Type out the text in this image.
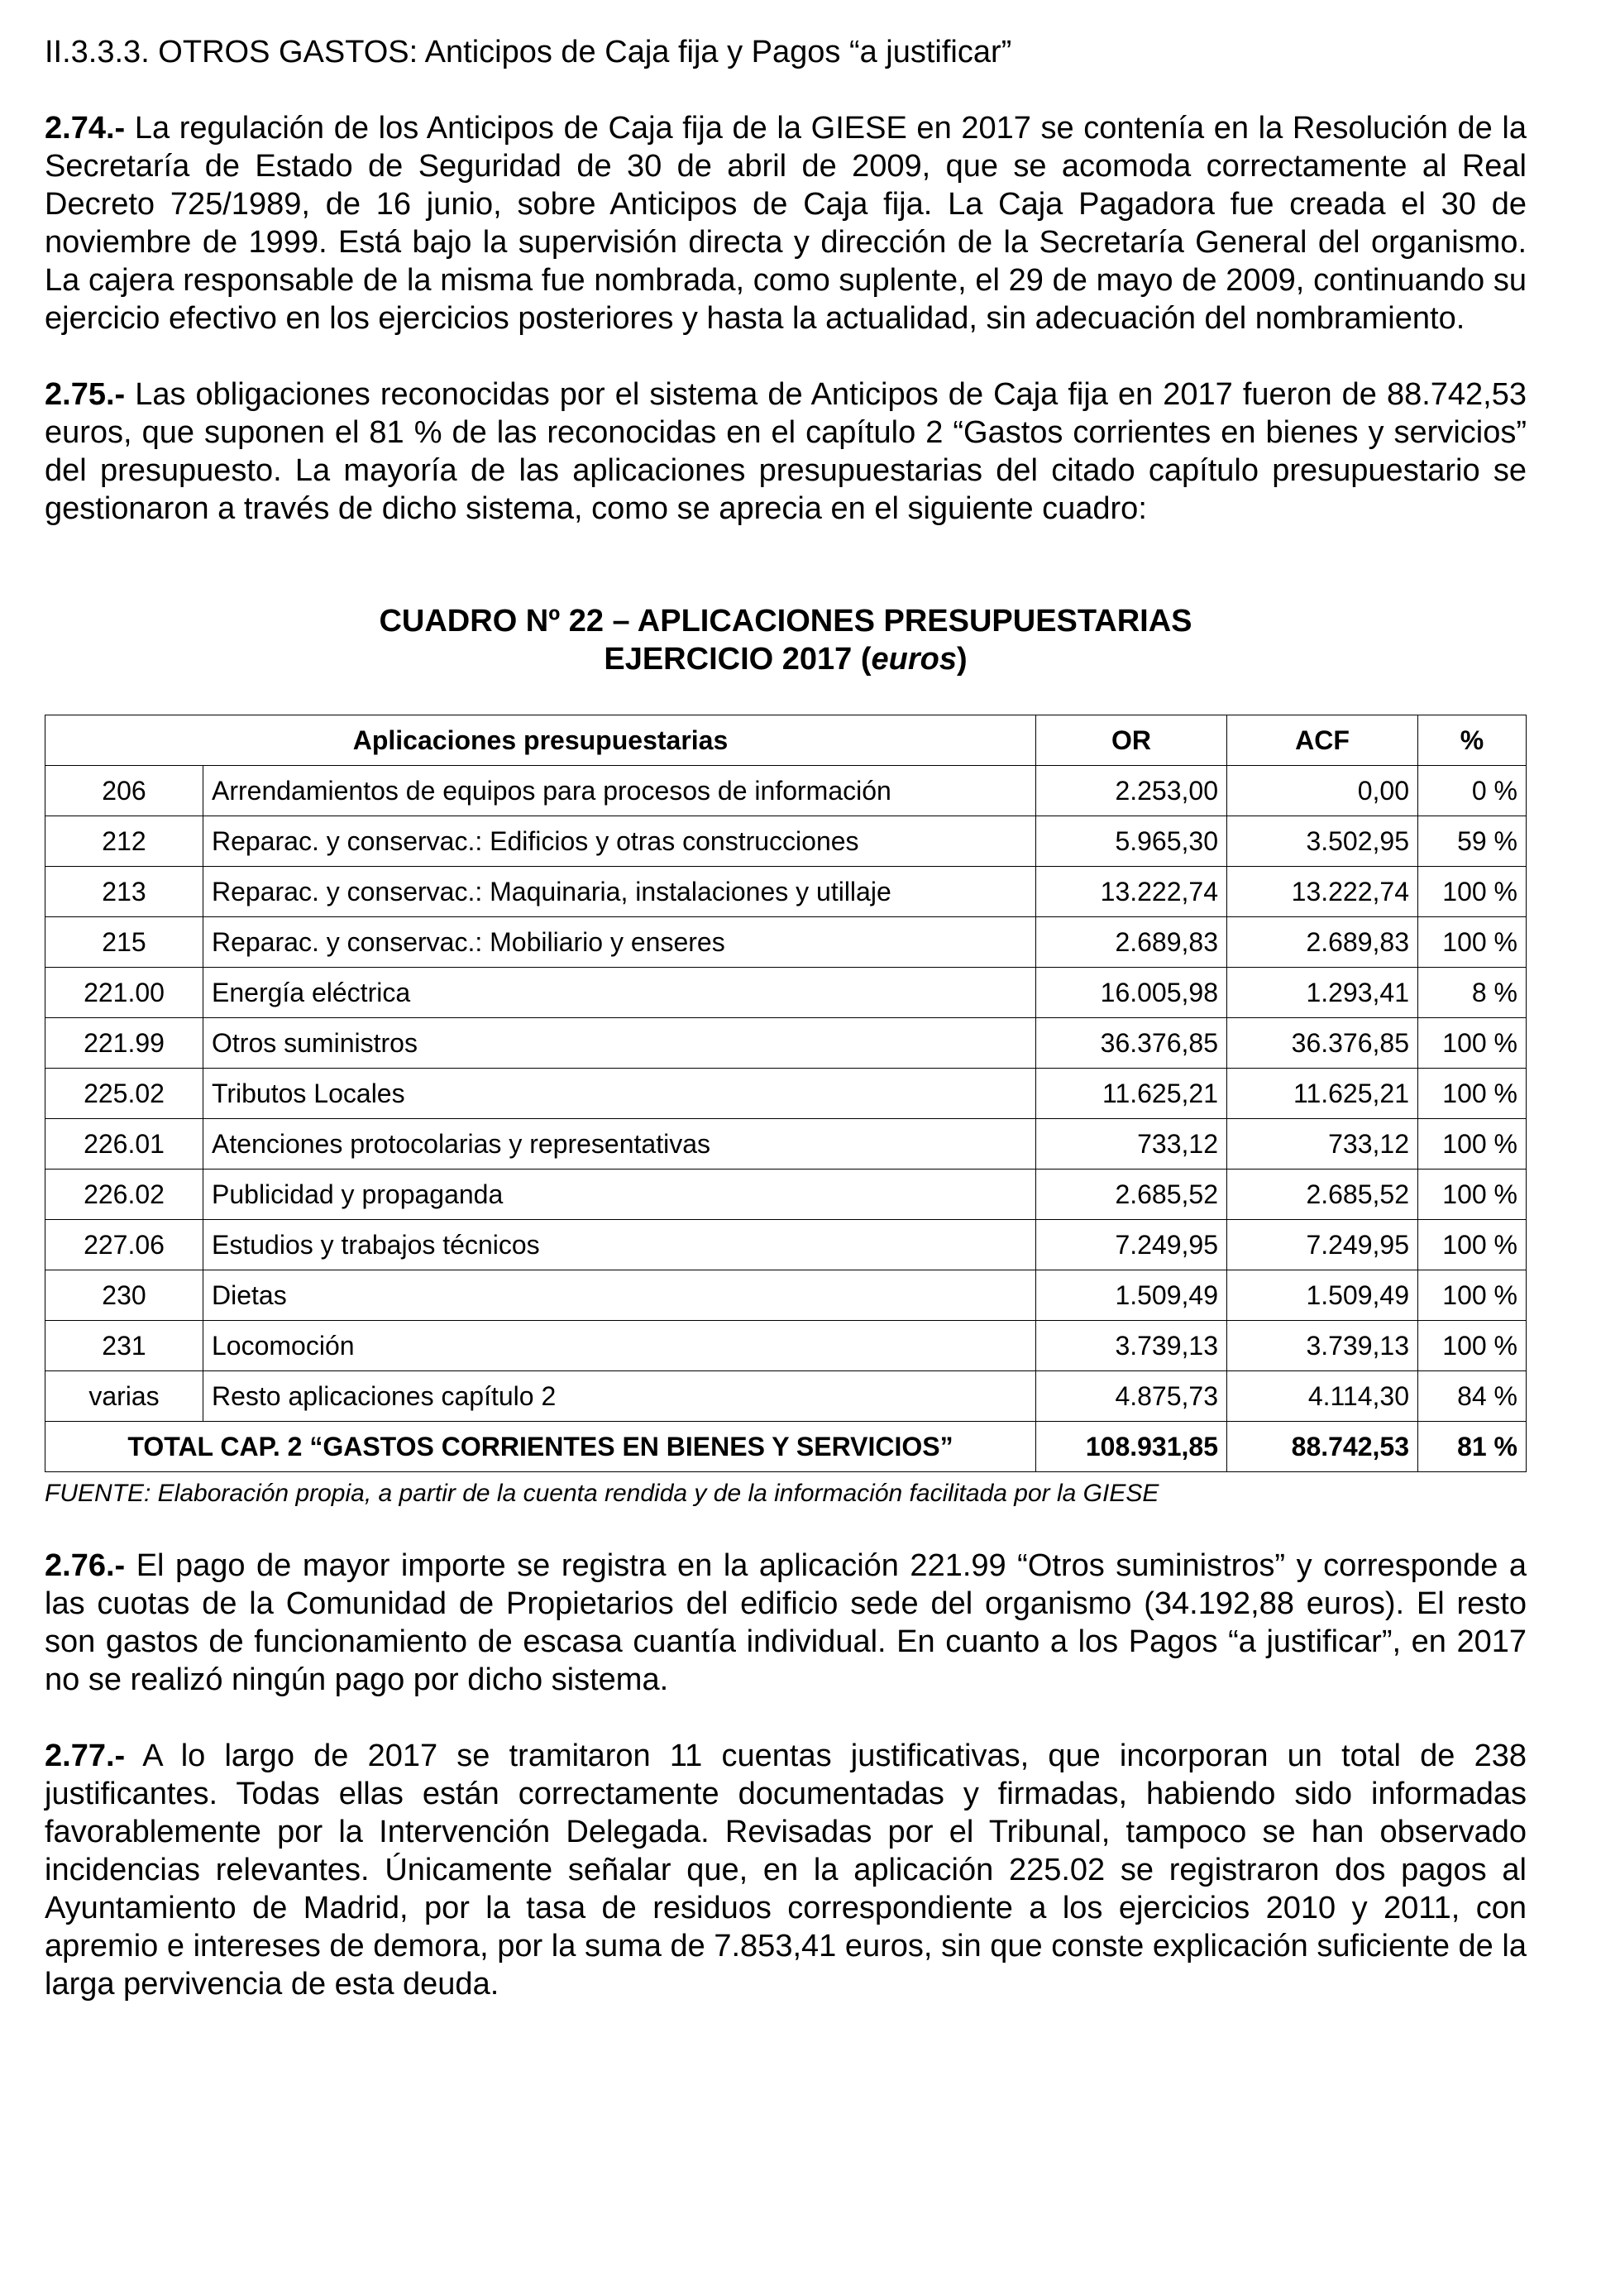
II.3.3.3. OTROS GASTOS: Anticipos de Caja fija y Pagos “a justificar”

2.74.- La regulación de los Anticipos de Caja fija de la GIESE en 2017 se contenía en la Resolución de la Secretaría de Estado de Seguridad de 30 de abril de 2009, que se acomoda correctamente al Real Decreto 725/1989, de 16 junio, sobre Anticipos de Caja fija. La Caja Pagadora fue creada el 30 de noviembre de 1999. Está bajo la supervisión directa y dirección de la Secretaría General del organismo. La cajera responsable de la misma fue nombrada, como suplente, el 29 de mayo de 2009, continuando su ejercicio efectivo en los ejercicios posteriores y hasta la actualidad, sin adecuación del nombramiento.

2.75.- Las obligaciones reconocidas por el sistema de Anticipos de Caja fija en 2017 fueron de 88.742,53 euros, que suponen el 81 % de las reconocidas en el capítulo 2 “Gastos corrientes en bienes y servicios” del presupuesto. La mayoría de las aplicaciones presupuestarias del citado capítulo presupuestario se gestionaron a través de dicho sistema, como se aprecia en el siguiente cuadro:

CUADRO Nº 22 – APLICACIONES PRESUPUESTARIAS
EJERCICIO 2017 (euros)
Aplicaciones presupuestarias		OR	ACF	%
206	Arrendamientos de equipos para procesos de información	2.253,00	0,00	0 %
212	Reparac. y conservac.: Edificios y otras construcciones	5.965,30	3.502,95	59 %
213	Reparac. y conservac.: Maquinaria, instalaciones y utillaje	13.222,74	13.222,74	100 %
215	Reparac. y conservac.: Mobiliario y enseres	2.689,83	2.689,83	100 %
221.00	Energía eléctrica	16.005,98	1.293,41	8 %
221.99	Otros suministros	36.376,85	36.376,85	100 %
225.02	Tributos Locales	11.625,21	11.625,21	100 %
226.01	Atenciones protocolarias y representativas	733,12	733,12	100 %
226.02	Publicidad y propaganda	2.685,52	2.685,52	100 %
227.06	Estudios y trabajos técnicos	7.249,95	7.249,95	100 %
230	Dietas	1.509,49	1.509,49	100 %
231	Locomoción	3.739,13	3.739,13	100 %
varias	Resto aplicaciones capítulo 2	4.875,73	4.114,30	84 %
TOTAL CAP. 2 “GASTOS CORRIENTES EN BIENES Y SERVICIOS”		108.931,85	88.742,53	81 %
FUENTE: Elaboración propia, a partir de la cuenta rendida y de la información facilitada por la GIESE

2.76.- El pago de mayor importe se registra en la aplicación 221.99 “Otros suministros” y corresponde a las cuotas de la Comunidad de Propietarios del edificio sede del organismo (34.192,88 euros). El resto son gastos de funcionamiento de escasa cuantía individual. En cuanto a los Pagos “a justificar”, en 2017 no se realizó ningún pago por dicho sistema.

2.77.- A lo largo de 2017 se tramitaron 11 cuentas justificativas, que incorporan un total de 238 justificantes. Todas ellas están correctamente documentadas y firmadas, habiendo sido informadas favorablemente por la Intervención Delegada. Revisadas por el Tribunal, tampoco se han observado incidencias relevantes. Únicamente señalar que, en la aplicación 225.02 se registraron dos pagos al Ayuntamiento de Madrid, por la tasa de residuos correspondiente a los ejercicios 2010 y 2011, con apremio e intereses de demora, por la suma de 7.853,41 euros, sin que conste explicación suficiente de la larga pervivencia de esta deuda.
